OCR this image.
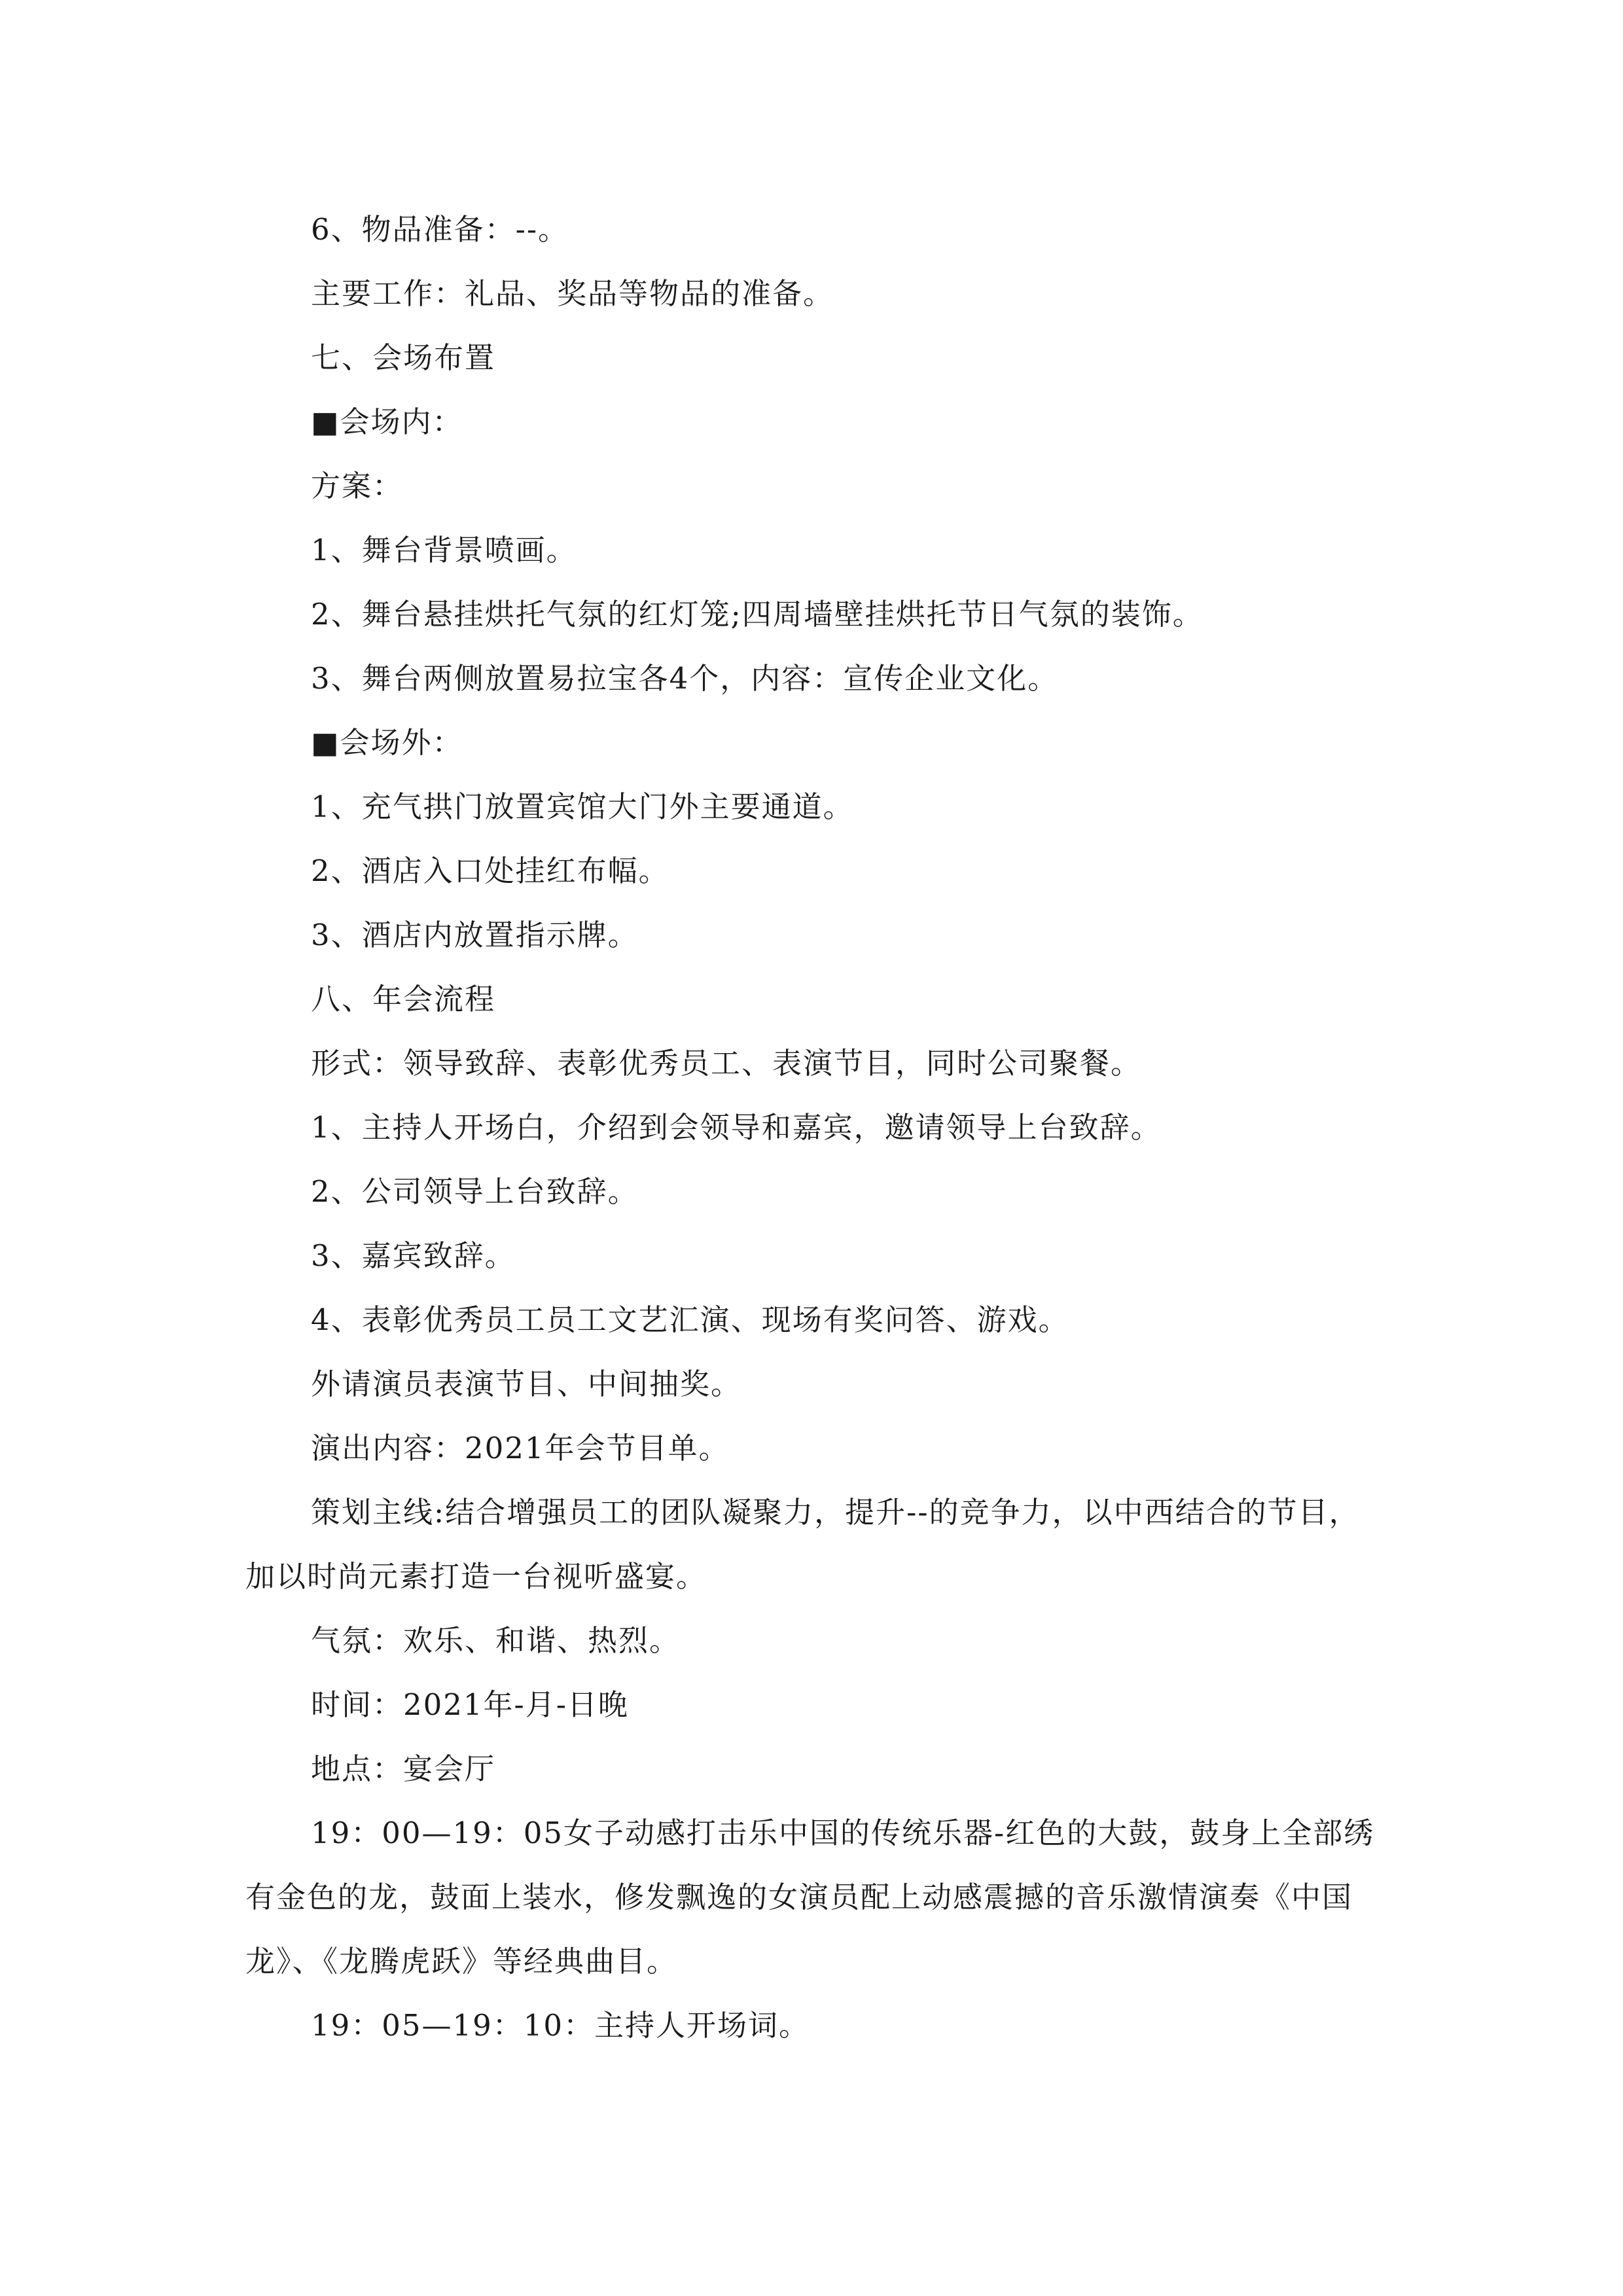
6、物品准备：--。

主要工作：礼品、奖品等物品的准备。

七、会场布置

■会场内：

方案：

1、舞台背景喷画。

2、舞台悬挂烘托气氛的红灯笼;四周墙壁挂烘托节日气氛的装饰。

3、舞台两侧放置易拉宝各4个，内容：宣传企业文化。

■会场外：

1、充气拱门放置宾馆大门外主要通道。

2、酒店入口处挂红布幅。

3、酒店内放置指示牌。

八、年会流程

形式：领导致辞、表彰优秀员工、表演节目，同时公司聚餐。

1、主持人开场白，介绍到会领导和嘉宾，邀请领导上台致辞。

2、公司领导上台致辞。

3、嘉宾致辞。

4、表彰优秀员工员工文艺汇演、现场有奖问答、游戏。

外请演员表演节目、中间抽奖。

演出内容：2021年会节目单。

策划主线:结合增强员工的团队凝聚力，提升--的竞争力，以中西结合的节目，加以时尚元素打造一台视听盛宴。

气氛：欢乐、和谐、热烈。

时间：2021年-月-日晚

地点：宴会厅

19：00—19：05女子动感打击乐中国的传统乐器-红色的大鼓，鼓身上全部绣有金色的龙，鼓面上装水，修发飘逸的女演员配上动感震撼的音乐激情演奏《中国龙》、《龙腾虎跃》等经典曲目。

19：05—19：10：主持人开场词。
